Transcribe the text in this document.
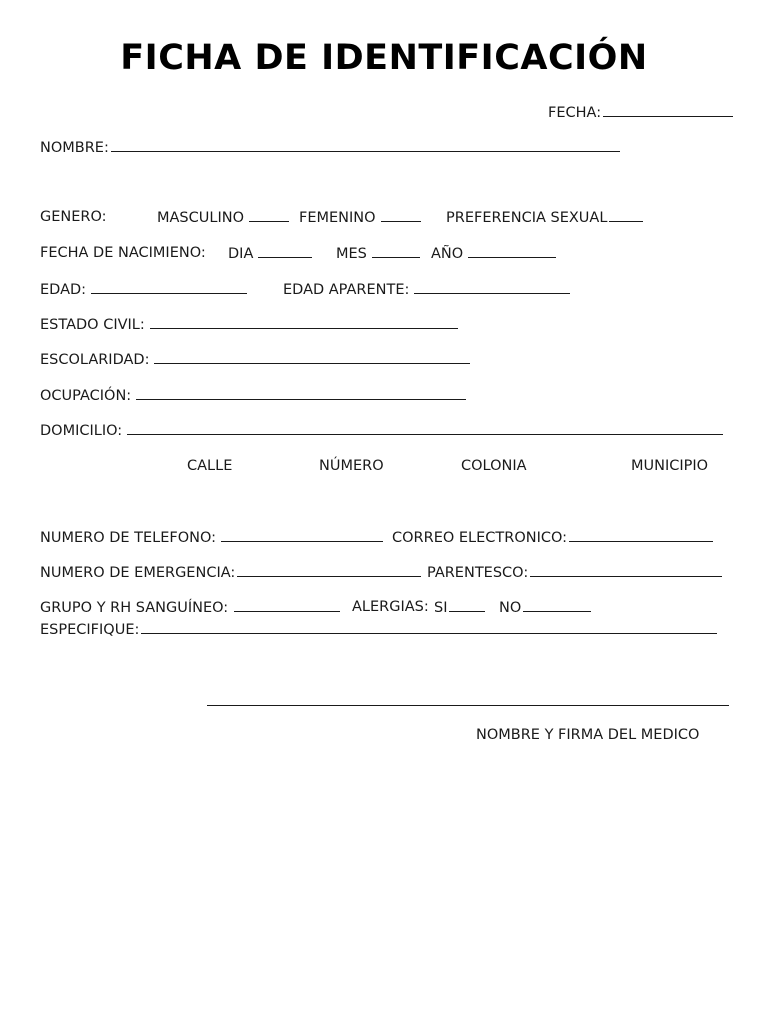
FICHA DE IDENTIFICACIÓN
FECHA:
NOMBRE:
GENERO:	MASCULINO	FEMENINO	PREFERENCIA SEXUAL
FECHA DE NACIMIENO: DIA	MES	AÑO
EDAD:	EDAD APARENTE:
ESTADO CIVIL:
ESCOLARIDAD:
OCUPACIÓN:
DOMICILIO:
CALLE	NÚMERO	COLONIA	MUNICIPIO
NUMERO DE TELEFONO:	CORREO ELECTRONICO:
NUMERO DE EMERGENCIA:	PARENTESCO:
GRUPO Y RH SANGUÍNEO:	ALERGIAS: SI	NO
ESPECIFIQUE:
NOMBRE Y FIRMA DEL MEDICO
